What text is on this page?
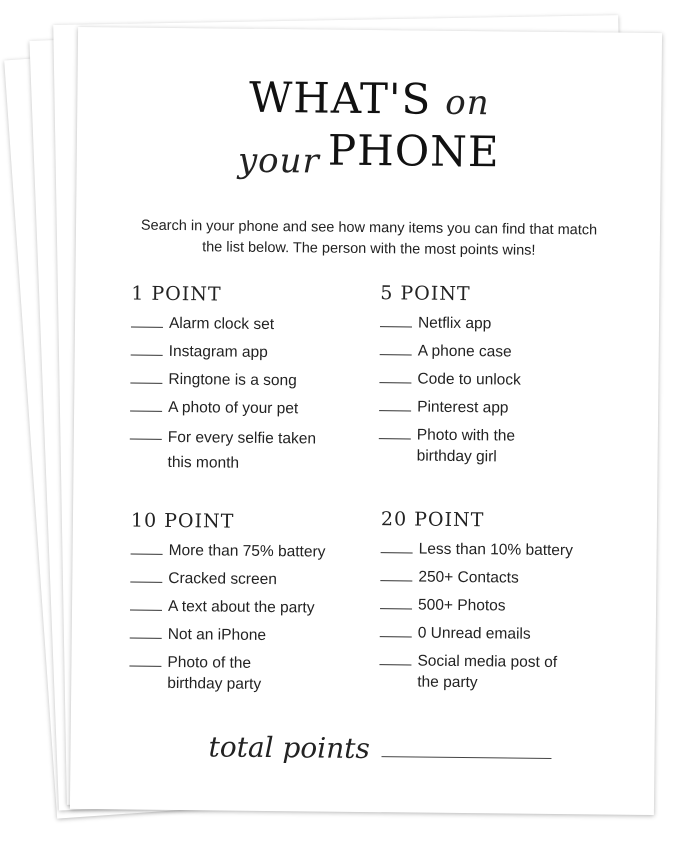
WHAT'S on
your PHONE
Search in your phone and see how many items you can find that match the list below. The person with the most points wins!
1 POINT
Alarm clock set
Instagram app
Ringtone is a song
A photo of your pet
For every selfie taken this month
5 POINT
Netflix app
A phone case
Code to unlock
Pinterest app
Photo with the birthday girl
10 POINT
More than 75% battery
Cracked screen
A text about the party
Not an iPhone
Photo of the birthday party
20 POINT
Less than 10% battery
250+ Contacts
500+ Photos
0 Unread emails
Social media post of the party
total points
